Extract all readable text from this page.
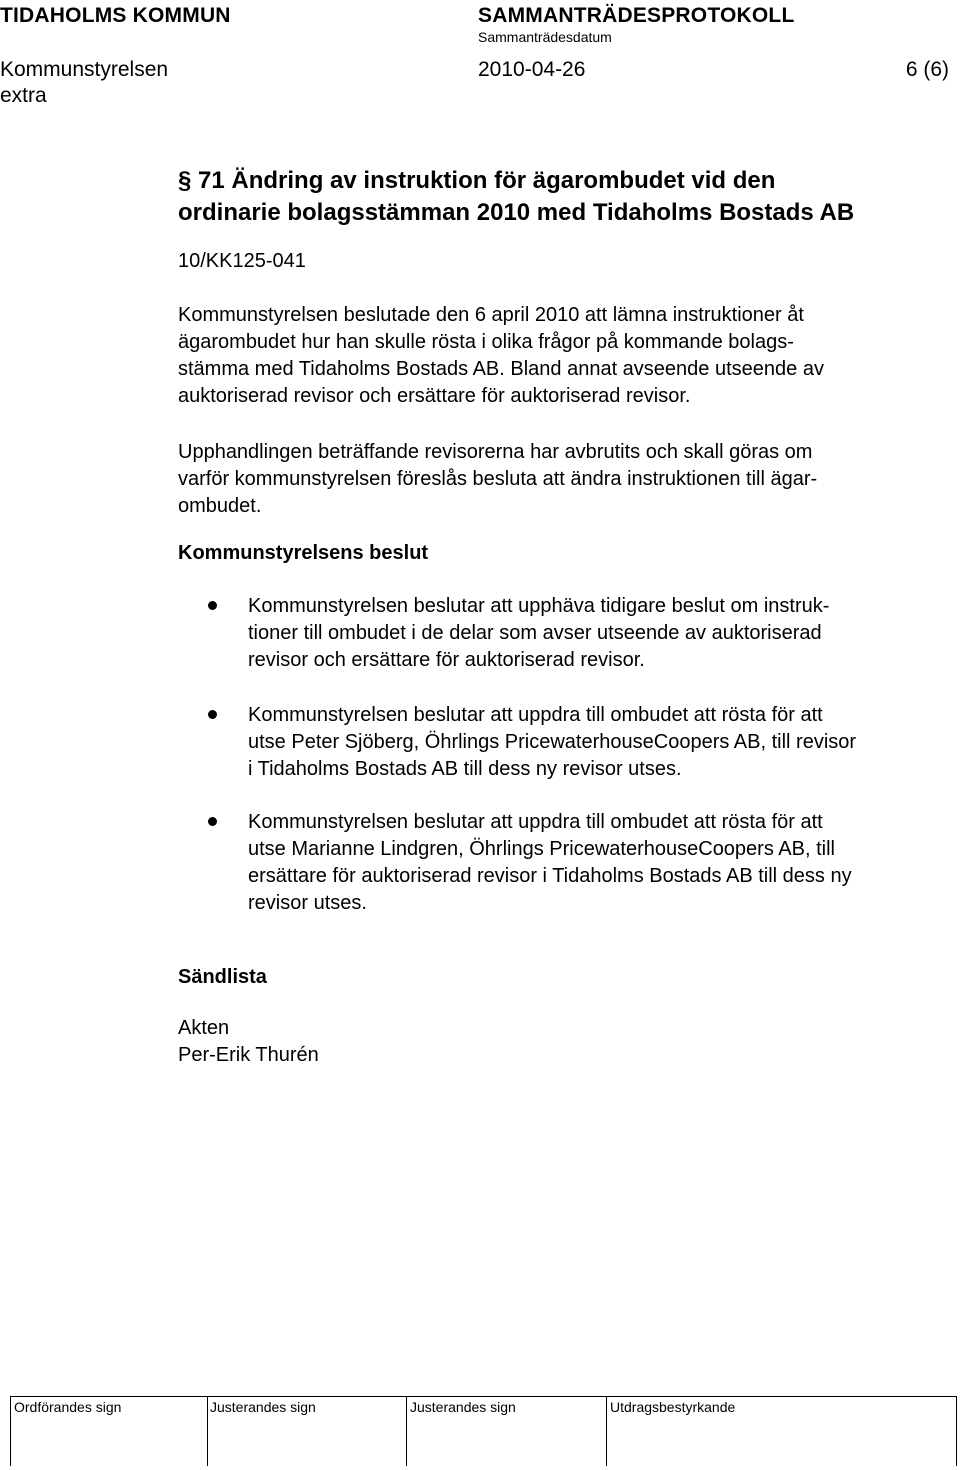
TIDAHOLMS KOMMUN	SAMMANTRÄDESPROTOKOLL
Sammanträdesdatum
Kommunstyrelsen	2010-04-26	6 (6)
extra
§ 71 Ändring av instruktion för ägarombudet vid den
ordinarie bolagsstämman 2010 med Tidaholms Bostads AB
10/KK125-041
Kommunstyrelsen beslutade den 6 april 2010 att lämna instruktioner åt
ägarombudet hur han skulle rösta i olika frågor på kommande bolags-
stämma med Tidaholms Bostads AB. Bland annat avseende utseende av
auktoriserad revisor och ersättare för auktoriserad revisor.
Upphandlingen beträffande revisorerna har avbrutits och skall göras om
varför kommunstyrelsen föreslås besluta att ändra instruktionen till ägar-
ombudet.
Kommunstyrelsens beslut
Kommunstyrelsen beslutar att upphäva tidigare beslut om instruk-
tioner till ombudet i de delar som avser utseende av auktoriserad
revisor och ersättare för auktoriserad revisor.
Kommunstyrelsen beslutar att uppdra till ombudet att rösta för att
utse Peter Sjöberg, Öhrlings PricewaterhouseCoopers AB, till revisor
i Tidaholms Bostads AB till dess ny revisor utses.
Kommunstyrelsen beslutar att uppdra till ombudet att rösta för att
utse Marianne Lindgren, Öhrlings PricewaterhouseCoopers AB, till
ersättare för auktoriserad revisor i Tidaholms Bostads AB till dess ny
revisor utses.
Sändlista
Akten
Per-Erik Thurén
Ordförandes sign	Justerandes sign	Justerandes sign	Utdragsbestyrkande
